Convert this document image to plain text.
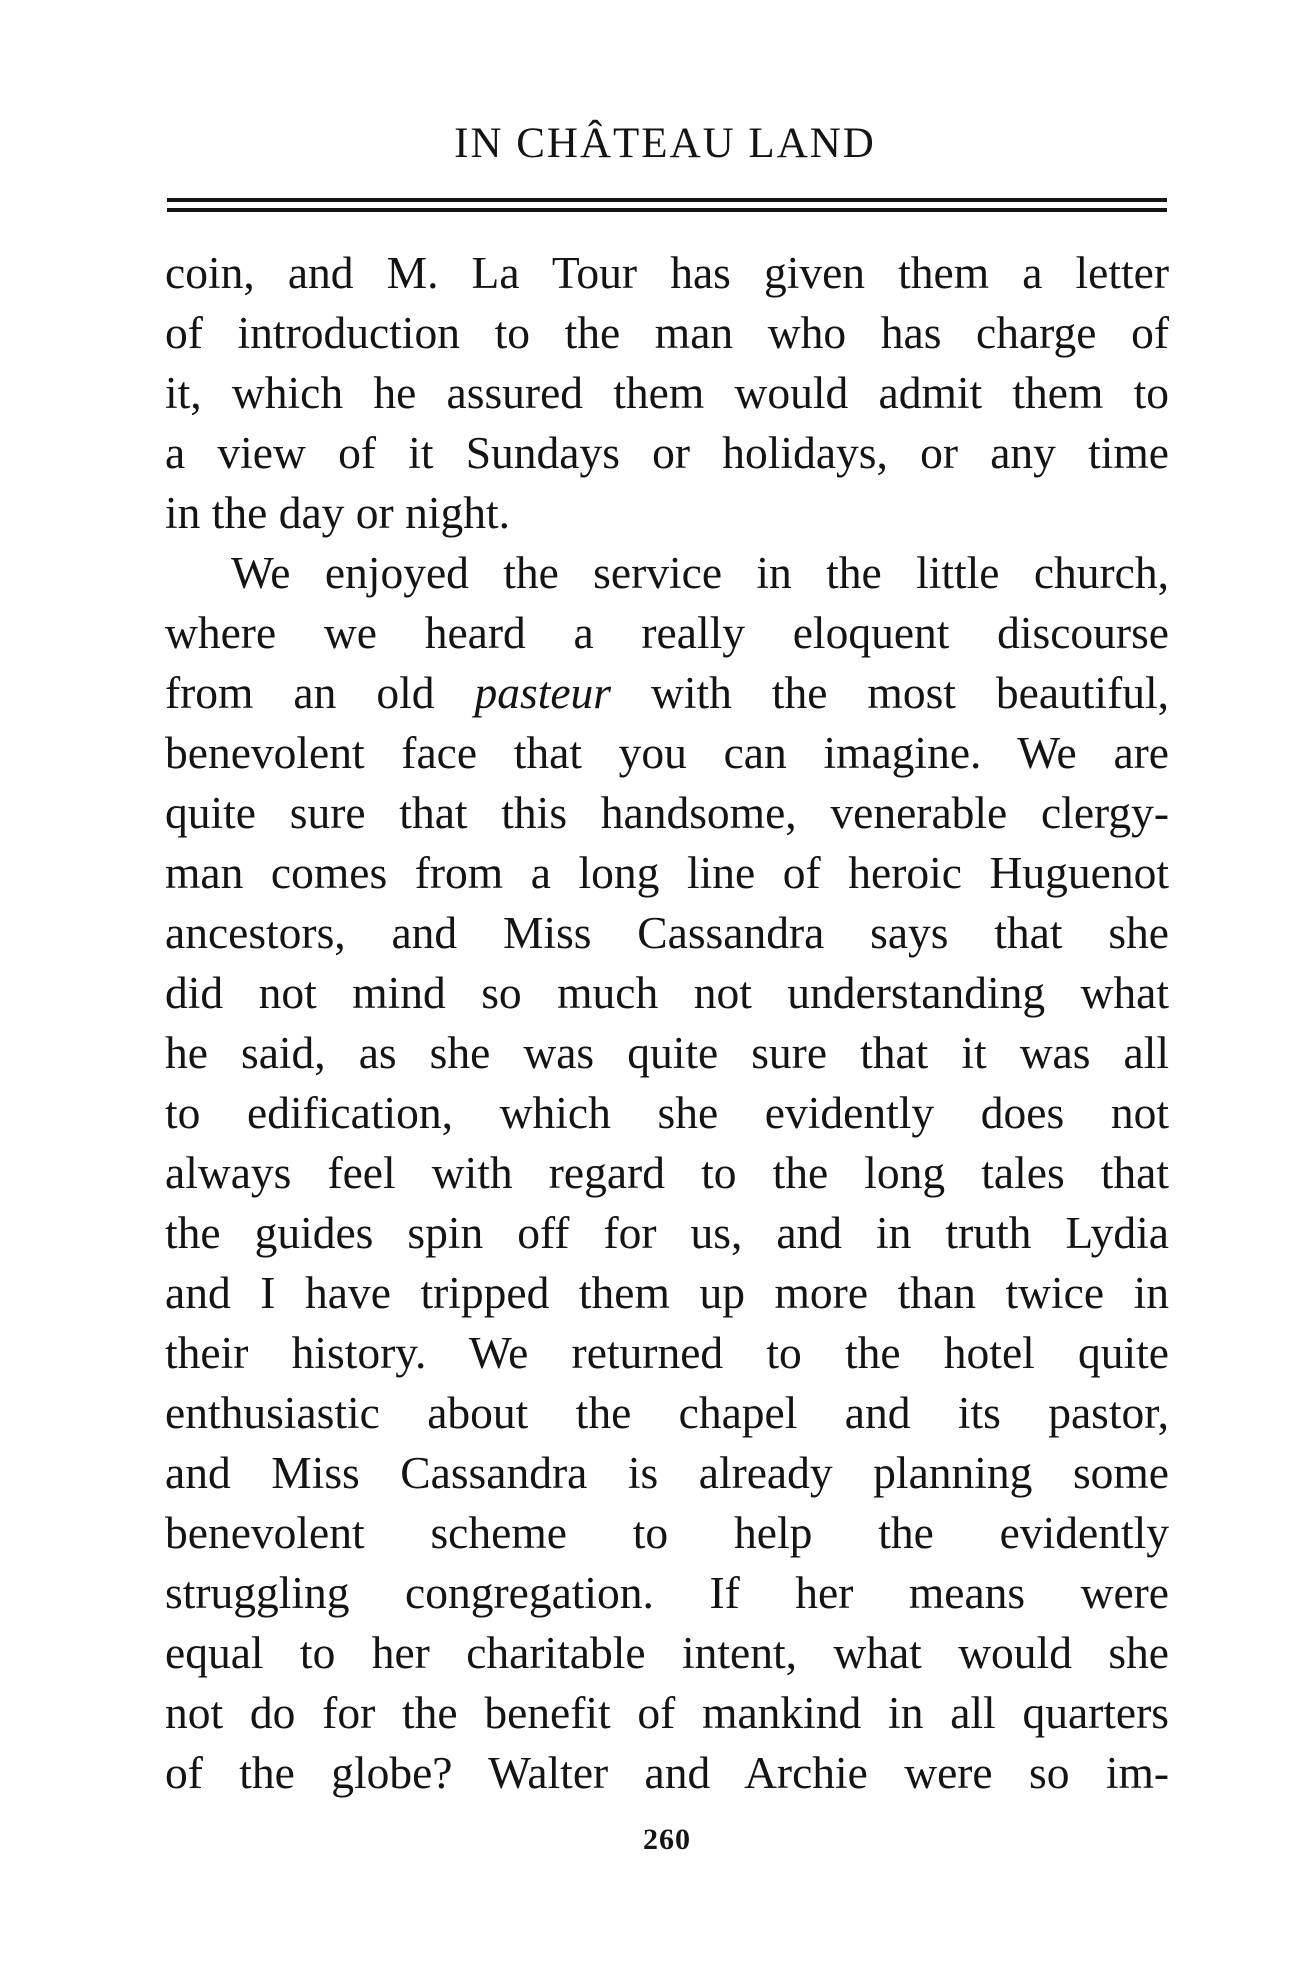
IN CHÂTEAU LAND
coin, and M. La Tour has given them a letter
of introduction to the man who has charge of
it, which he assured them would admit them to
a view of it Sundays or holidays, or any time
in the day or night.
We enjoyed the service in the little church,
where we heard a really eloquent discourse
from an old pasteur with the most beautiful,
benevolent face that you can imagine. We are
quite sure that this handsome, venerable clergy-
man comes from a long line of heroic Huguenot
ancestors, and Miss Cassandra says that she
did not mind so much not understanding what
he said, as she was quite sure that it was all
to edification, which she evidently does not
always feel with regard to the long tales that
the guides spin off for us, and in truth Lydia
and I have tripped them up more than twice in
their history. We returned to the hotel quite
enthusiastic about the chapel and its pastor,
and Miss Cassandra is already planning some
benevolent scheme to help the evidently
struggling congregation. If her means were
equal to her charitable intent, what would she
not do for the benefit of mankind in all quarters
of the globe? Walter and Archie were so im-
260
